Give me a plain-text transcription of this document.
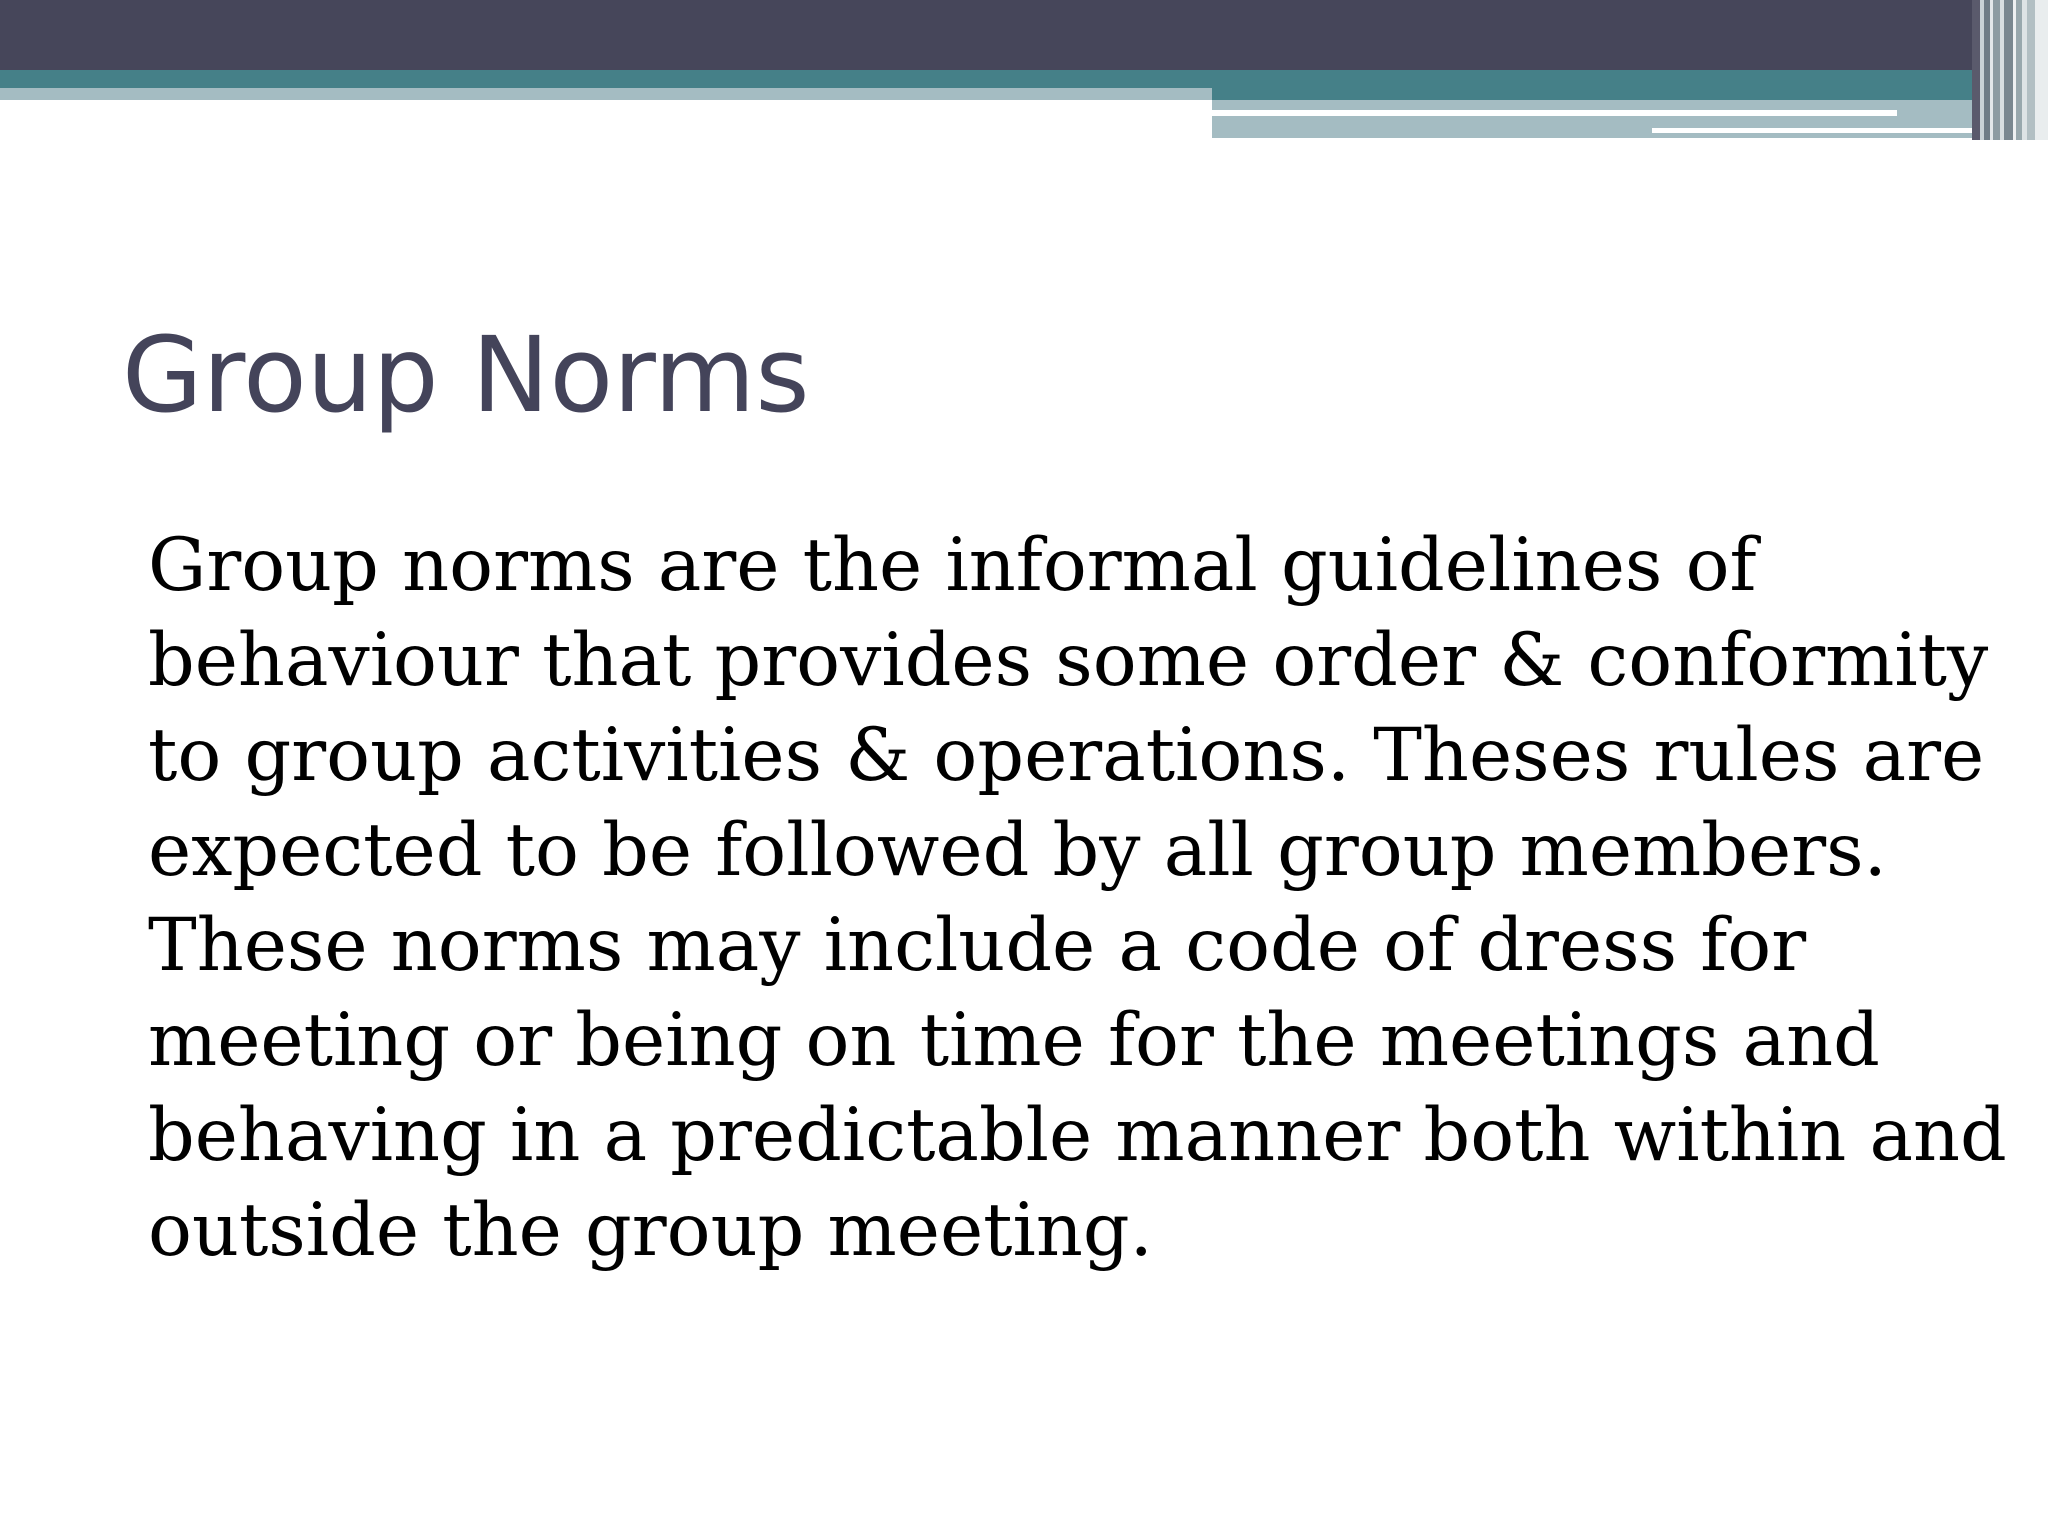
Group Norms

Group norms are the informal guidelines of
behaviour that provides some order & conformity
to group activities & operations. Theses rules are
expected to be followed by all group members.
These norms may include a code of dress for
meeting or being on time for the meetings and
behaving in a predictable manner both within and
outside the group meeting.
